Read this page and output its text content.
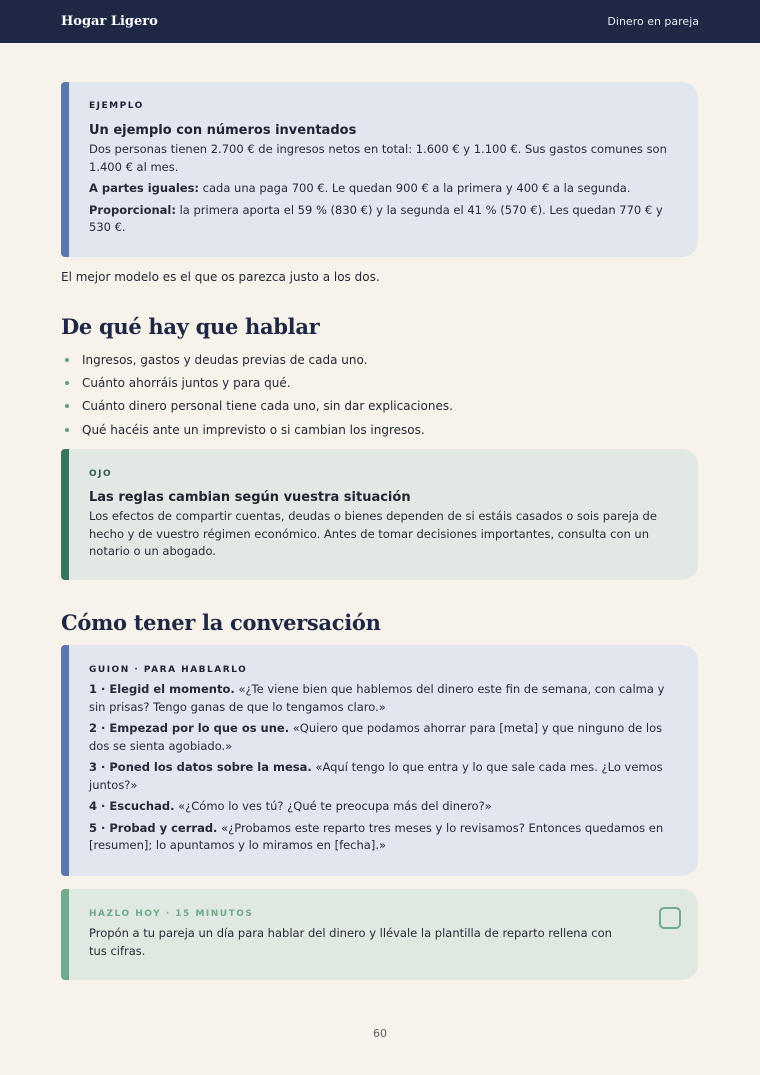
Hogar Ligero	Dinero en pareja
EJEMPLO
Un ejemplo con números inventados

Dos personas tienen 2.700 € de ingresos netos en total: 1.600 € y 1.100 €. Sus gastos comunes son 1.400 € al mes.

A partes iguales: cada una paga 700 €. Le quedan 900 € a la primera y 400 € a la segunda.

Proporcional: la primera aporta el 59 % (830 €) y la segunda el 41 % (570 €). Les quedan 770 € y 530 €.

El mejor modelo es el que os parezca justo a los dos.
De qué hay que hablar
Ingresos, gastos y deudas previas de cada uno.
Cuánto ahorráis juntos y para qué.
Cuánto dinero personal tiene cada uno, sin dar explicaciones.
Qué hacéis ante un imprevisto o si cambian los ingresos.
OJO
Las reglas cambian según vuestra situación

Los efectos de compartir cuentas, deudas o bienes dependen de si estáis casados o sois pareja de hecho y de vuestro régimen económico. Antes de tomar decisiones importantes, consulta con un notario o un abogado.

Cómo tener la conversación
GUION · PARA HABLARLO

1 · Elegid el momento. «¿Te viene bien que hablemos del dinero este fin de semana, con calma y sin prisas? Tengo ganas de que lo tengamos claro.»

2 · Empezad por lo que os une. «Quiero que podamos ahorrar para [meta] y que ninguno de los dos se sienta agobiado.»

3 · Poned los datos sobre la mesa. «Aquí tengo lo que entra y lo que sale cada mes. ¿Lo vemos juntos?»

4 · Escuchad. «¿Cómo lo ves tú? ¿Qué te preocupa más del dinero?»

5 · Probad y cerrad. «¿Probamos este reparto tres meses y lo revisamos? Entonces quedamos en [resumen]; lo apuntamos y lo miramos en [fecha].»

HAZLO HOY · 15 MINUTOS

Propón a tu pareja un día para hablar del dinero y llévale la plantilla de reparto rellena con tus cifras.

60
